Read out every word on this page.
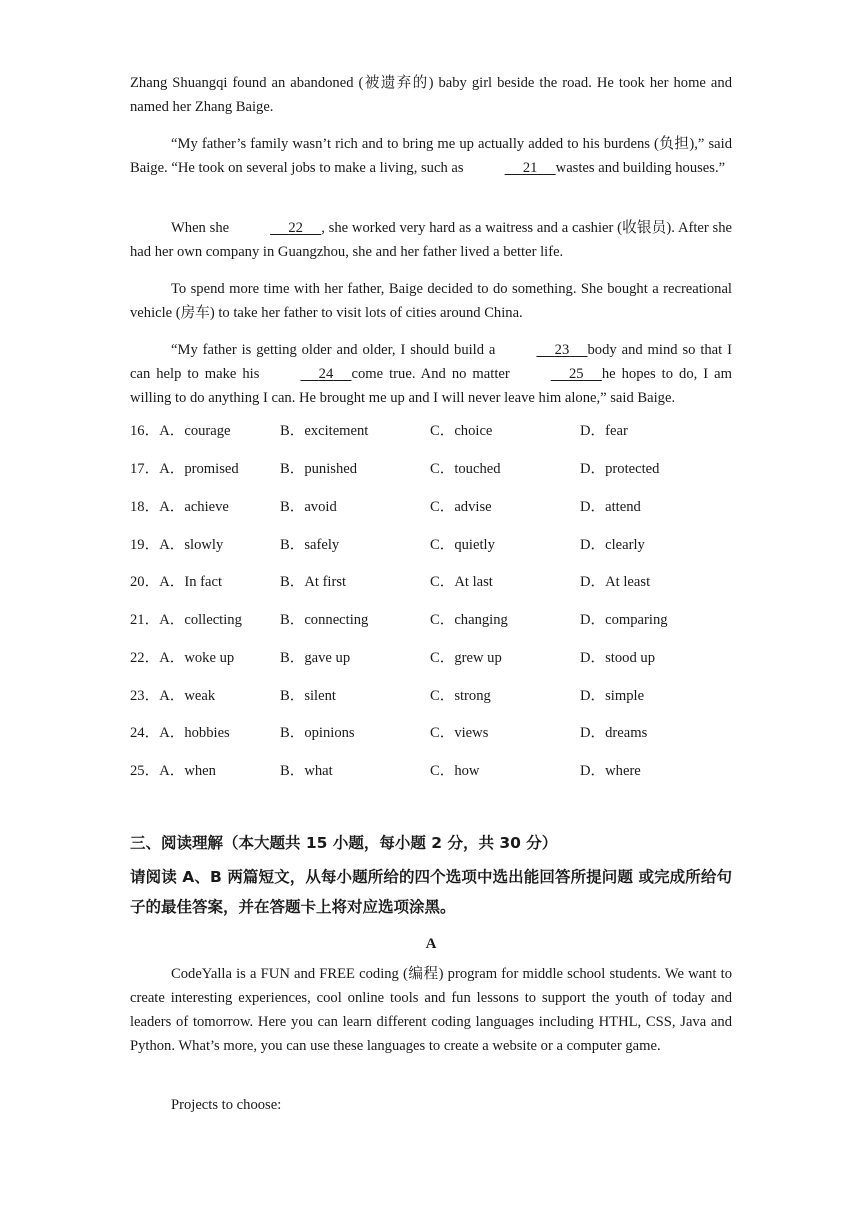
Zhang Shuangqi found an abandoned (被遗弃的) baby girl beside the road. He took her home and named her Zhang Baige.

“My father’s family wasn’t rich and to bring me up actually added to his burdens (负担),” said Baige. “He took on several jobs to make a living, such as	21 wastes and building houses.”

When she	22 , she worked very hard as a waitress and a cashier (收银员). After she had her own company in Guangzhou, she and her father lived a better life.

To spend more time with her father, Baige decided to do something. She bought a recreational vehicle (房车) to take her father to visit lots of cities around China.

“My father is getting older and older, I should build a	23 body and mind so that I can help to make his	24 come true. And no matter	25 he hopes to do, I am willing to do anything I can. He brought me up and I will never leave him alone,” said Baige.

16．A．courage	B．excitement	C．choice	D．fear
17．A．promised	B．punished	C．touched	D．protected
18．A．achieve	B．avoid	C．advise	D．attend
19．A．slowly	B．safely	C．quietly	D．clearly
20．A．In fact	B．At first	C．At last	D．At least
21．A．collecting	B．connecting	C．changing	D．comparing
22．A．woke up	B．gave up	C．grew up	D．stood up
23．A．weak	B．silent	C．strong	D．simple
24．A．hobbies	B．opinions	C．views	D．dreams
25．A．when	B．what	C．how	D．where

三、阅读理解（本大题共 15 小题，每小题 2 分，共 30 分）

请阅读 A、B 两篇短文，从每小题所给的四个选项中选出能回答所提问题 或完成所给句子的最佳答案，并在答题卡上将对应选项涂黑。

A

CodeYalla is a FUN and FREE coding (编程) program for middle school students. We want to create interesting experiences, cool online tools and fun lessons to support the youth of today and leaders of tomorrow. Here you can learn different coding languages including HTHL, CSS, Java and Python. What’s more, you can use these languages to create a website or a computer game.

Projects to choose:
